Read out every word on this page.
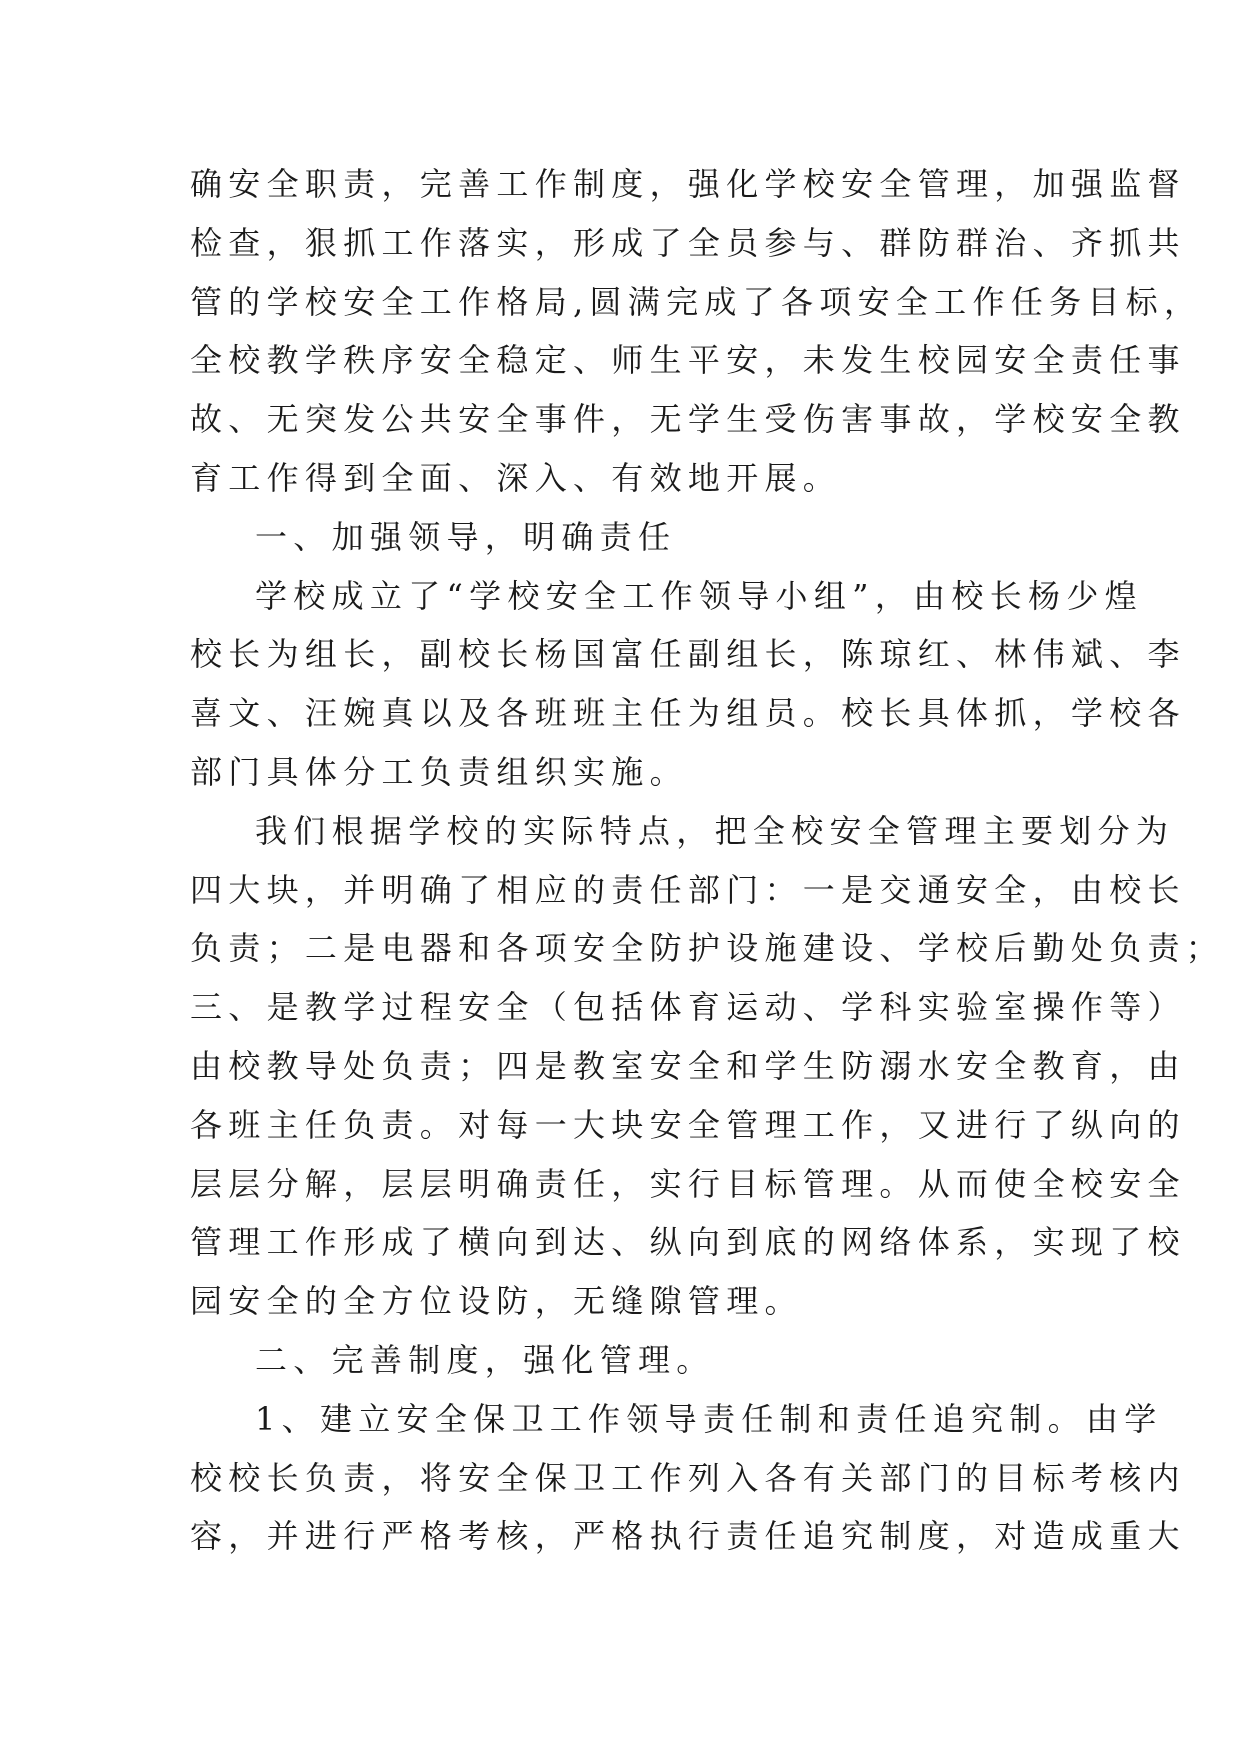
确安全职责，完善工作制度，强化学校安全管理，加强监督
检查，狠抓工作落实，形成了全员参与、群防群治、齐抓共
管的学校安全工作格局,圆满完成了各项安全工作任务目标，
全校教学秩序安全稳定、师生平安，未发生校园安全责任事
故、无突发公共安全事件，无学生受伤害事故，学校安全教
育工作得到全面、深入、有效地开展。
一、加强领导，明确责任
学校成立了“学校安全工作领导小组”，由校长杨少煌
校长为组长，副校长杨国富任副组长，陈琼红、林伟斌、李
喜文、汪婉真以及各班班主任为组员。校长具体抓，学校各
部门具体分工负责组织实施。
我们根据学校的实际特点，把全校安全管理主要划分为
四大块，并明确了相应的责任部门：一是交通安全，由校长
负责；二是电器和各项安全防护设施建设、学校后勤处负责；
三、是教学过程安全（包括体育运动、学科实验室操作等）
由校教导处负责；四是教室安全和学生防溺水安全教育，由
各班主任负责。对每一大块安全管理工作，又进行了纵向的
层层分解，层层明确责任，实行目标管理。从而使全校安全
管理工作形成了横向到达、纵向到底的网络体系，实现了校
园安全的全方位设防，无缝隙管理。
二、完善制度，强化管理。
1、建立安全保卫工作领导责任制和责任追究制。由学
校校长负责，将安全保卫工作列入各有关部门的目标考核内
容，并进行严格考核，严格执行责任追究制度，对造成重大
